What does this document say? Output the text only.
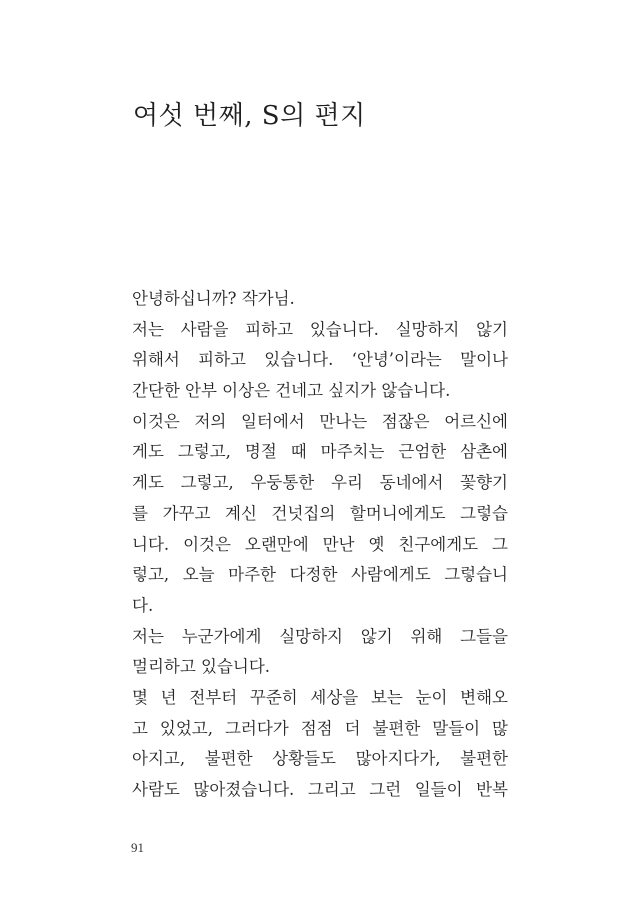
여섯 번째, S의 편지
안녕하십니까? 작가님.
저는 사람을 피하고 있습니다. 실망하지 않기
위해서 피하고 있습니다. ‘안녕’이라는 말이나
간단한 안부 이상은 건네고 싶지가 않습니다.
이것은 저의 일터에서 만나는 점잖은 어르신에
게도 그렇고, 명절 때 마주치는 근엄한 삼촌에
게도 그렇고, 우둥통한 우리 동네에서 꽃향기
를 가꾸고 계신 건넛집의 할머니에게도 그렇습
니다. 이것은 오랜만에 만난 옛 친구에게도 그
렇고, 오늘 마주한 다정한 사람에게도 그렇습니
다.
저는 누군가에게 실망하지 않기 위해 그들을
멀리하고 있습니다.
몇 년 전부터 꾸준히 세상을 보는 눈이 변해오
고 있었고, 그러다가 점점 더 불편한 말들이 많
아지고, 불편한 상황들도 많아지다가, 불편한
사람도 많아졌습니다. 그리고 그런 일들이 반복
91
